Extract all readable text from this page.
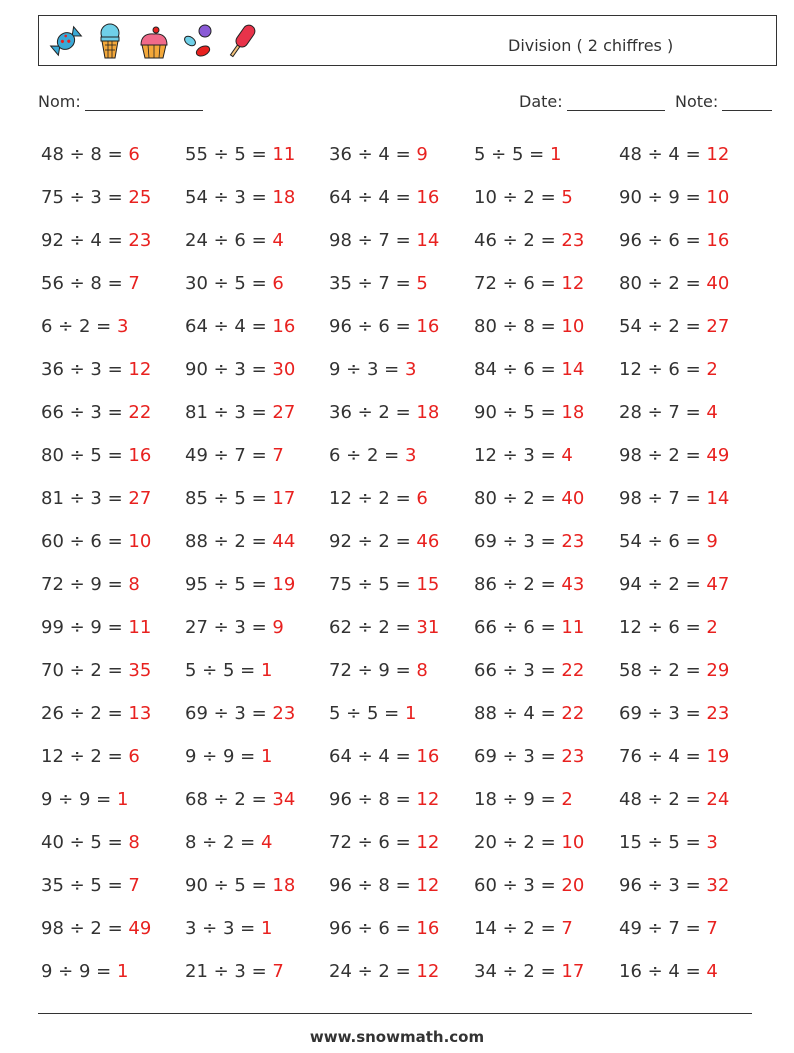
Division ( 2 chiffres )
Nom:	Date:	Note:
48 ÷ 8 = 6	55 ÷ 5 = 11	36 ÷ 4 = 9	5 ÷ 5 = 1	48 ÷ 4 = 12
75 ÷ 3 = 25	54 ÷ 3 = 18	64 ÷ 4 = 16	10 ÷ 2 = 5	90 ÷ 9 = 10
92 ÷ 4 = 23	24 ÷ 6 = 4	98 ÷ 7 = 14	46 ÷ 2 = 23	96 ÷ 6 = 16
56 ÷ 8 = 7	30 ÷ 5 = 6	35 ÷ 7 = 5	72 ÷ 6 = 12	80 ÷ 2 = 40
6 ÷ 2 = 3	64 ÷ 4 = 16	96 ÷ 6 = 16	80 ÷ 8 = 10	54 ÷ 2 = 27
36 ÷ 3 = 12	90 ÷ 3 = 30	9 ÷ 3 = 3	84 ÷ 6 = 14	12 ÷ 6 = 2
66 ÷ 3 = 22	81 ÷ 3 = 27	36 ÷ 2 = 18	90 ÷ 5 = 18	28 ÷ 7 = 4
80 ÷ 5 = 16	49 ÷ 7 = 7	6 ÷ 2 = 3	12 ÷ 3 = 4	98 ÷ 2 = 49
81 ÷ 3 = 27	85 ÷ 5 = 17	12 ÷ 2 = 6	80 ÷ 2 = 40	98 ÷ 7 = 14
60 ÷ 6 = 10	88 ÷ 2 = 44	92 ÷ 2 = 46	69 ÷ 3 = 23	54 ÷ 6 = 9
72 ÷ 9 = 8	95 ÷ 5 = 19	75 ÷ 5 = 15	86 ÷ 2 = 43	94 ÷ 2 = 47
99 ÷ 9 = 11	27 ÷ 3 = 9	62 ÷ 2 = 31	66 ÷ 6 = 11	12 ÷ 6 = 2
70 ÷ 2 = 35	5 ÷ 5 = 1	72 ÷ 9 = 8	66 ÷ 3 = 22	58 ÷ 2 = 29
26 ÷ 2 = 13	69 ÷ 3 = 23	5 ÷ 5 = 1	88 ÷ 4 = 22	69 ÷ 3 = 23
12 ÷ 2 = 6	9 ÷ 9 = 1	64 ÷ 4 = 16	69 ÷ 3 = 23	76 ÷ 4 = 19
9 ÷ 9 = 1	68 ÷ 2 = 34	96 ÷ 8 = 12	18 ÷ 9 = 2	48 ÷ 2 = 24
40 ÷ 5 = 8	8 ÷ 2 = 4	72 ÷ 6 = 12	20 ÷ 2 = 10	15 ÷ 5 = 3
35 ÷ 5 = 7	90 ÷ 5 = 18	96 ÷ 8 = 12	60 ÷ 3 = 20	96 ÷ 3 = 32
98 ÷ 2 = 49	3 ÷ 3 = 1	96 ÷ 6 = 16	14 ÷ 2 = 7	49 ÷ 7 = 7
9 ÷ 9 = 1	21 ÷ 3 = 7	24 ÷ 2 = 12	34 ÷ 2 = 17	16 ÷ 4 = 4
www.snowmath.com
